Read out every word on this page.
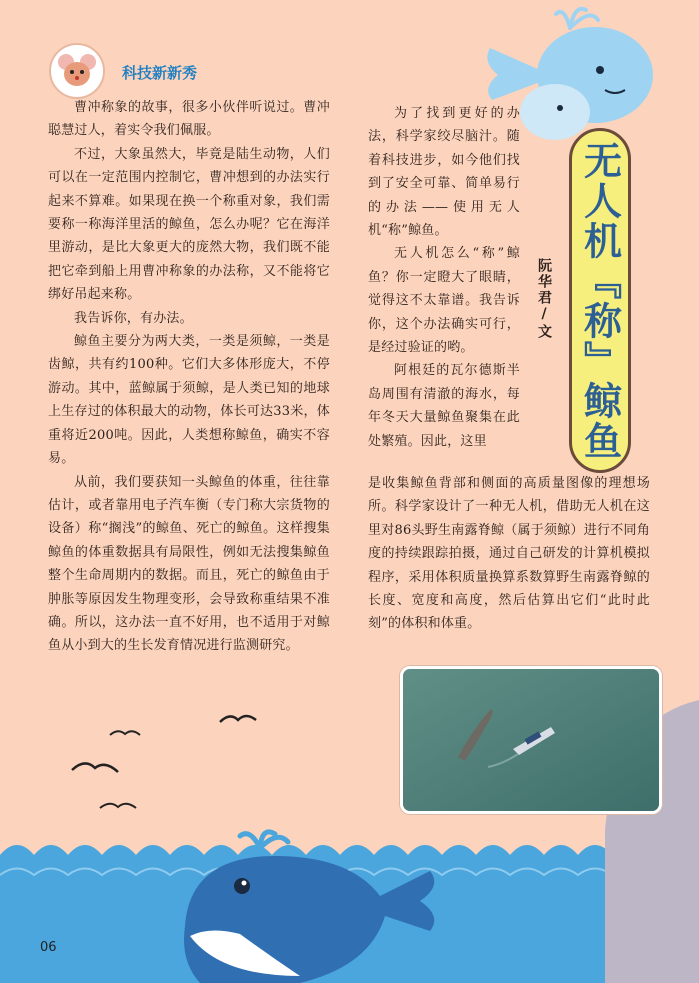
科技新新秀
无人机『称』鲸鱼
阮华君/文

曹冲称象的故事，很多小伙伴听说过。曹冲聪慧过人，着实令我们佩服。

不过，大象虽然大，毕竟是陆生动物，人们可以在一定范围内控制它，曹冲想到的办法实行起来不算难。如果现在换一个称重对象，我们需要称一称海洋里活的鲸鱼，怎么办呢？它在海洋里游动，是比大象更大的庞然大物，我们既不能把它牵到船上用曹冲称象的办法称，又不能将它绑好吊起来称。

我告诉你，有办法。

鲸鱼主要分为两大类，一类是须鲸，一类是齿鲸，共有约100种。它们大多体形庞大，不停游动。其中，蓝鲸属于须鲸，是人类已知的地球上生存过的体积最大的动物，体长可达33米，体重将近200吨。因此，人类想称鲸鱼，确实不容易。

从前，我们要获知一头鲸鱼的体重，往往靠估计，或者靠用电子汽车衡（专门称大宗货物的设备）称“搁浅”的鲸鱼、死亡的鲸鱼。这样搜集鲸鱼的体重数据具有局限性，例如无法搜集鲸鱼整个生命周期内的数据。而且，死亡的鲸鱼由于肿胀等原因发生物理变形，会导致称重结果不准确。所以，这办法一直不好用，也不适用于对鲸鱼从小到大的生长发育情况进行监测研究。

为了找到更好的办法，科学家绞尽脑汁。随着科技进步，如今他们找到了安全可靠、简单易行的办法——使用无人机“称”鲸鱼。

无人机怎么“称”鲸鱼？你一定瞪大了眼睛，觉得这不太靠谱。我告诉你，这个办法确实可行，是经过验证的哟。

阿根廷的瓦尔德斯半岛周围有清澈的海水，每年冬天大量鲸鱼聚集在此处繁殖。因此，这里

是收集鲸鱼背部和侧面的高质量图像的理想场所。科学家设计了一种无人机，借助无人机在这里对86头野生南露脊鲸（属于须鲸）进行不同角度的持续跟踪拍摄，通过自己研发的计算机模拟程序，采用体积质量换算系数算野生南露脊鲸的长度、宽度和高度，然后估算出它们“此时此刻”的体积和体重。

06
